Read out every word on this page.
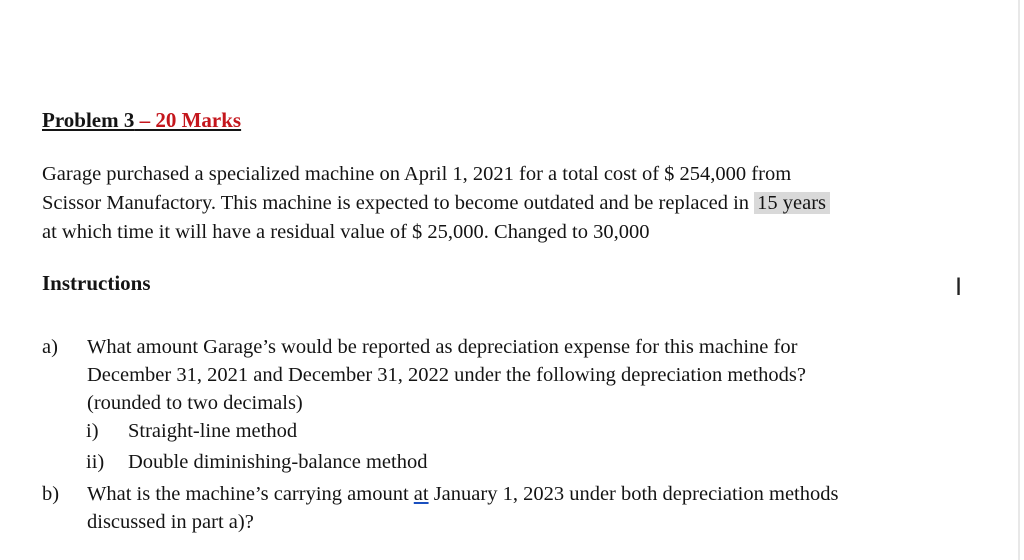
Problem 3 – 20 Marks
Garage purchased a specialized machine on April 1, 2021 for a total cost of $ 254,000 from
Scissor Manufactory. This machine is expected to become outdated and be replaced in 15 years
at which time it will have a residual value of $ 25,000. Changed to 30,000
Instructions	I
a) What amount Garage’s would be reported as depreciation expense for this machine for
December 31, 2021 and December 31, 2022 under the following depreciation methods?
(rounded to two decimals)
i) Straight-line method
ii) Double diminishing-balance method
b) What is the machine’s carrying amount at January 1, 2023 under both depreciation methods
discussed in part a)?
